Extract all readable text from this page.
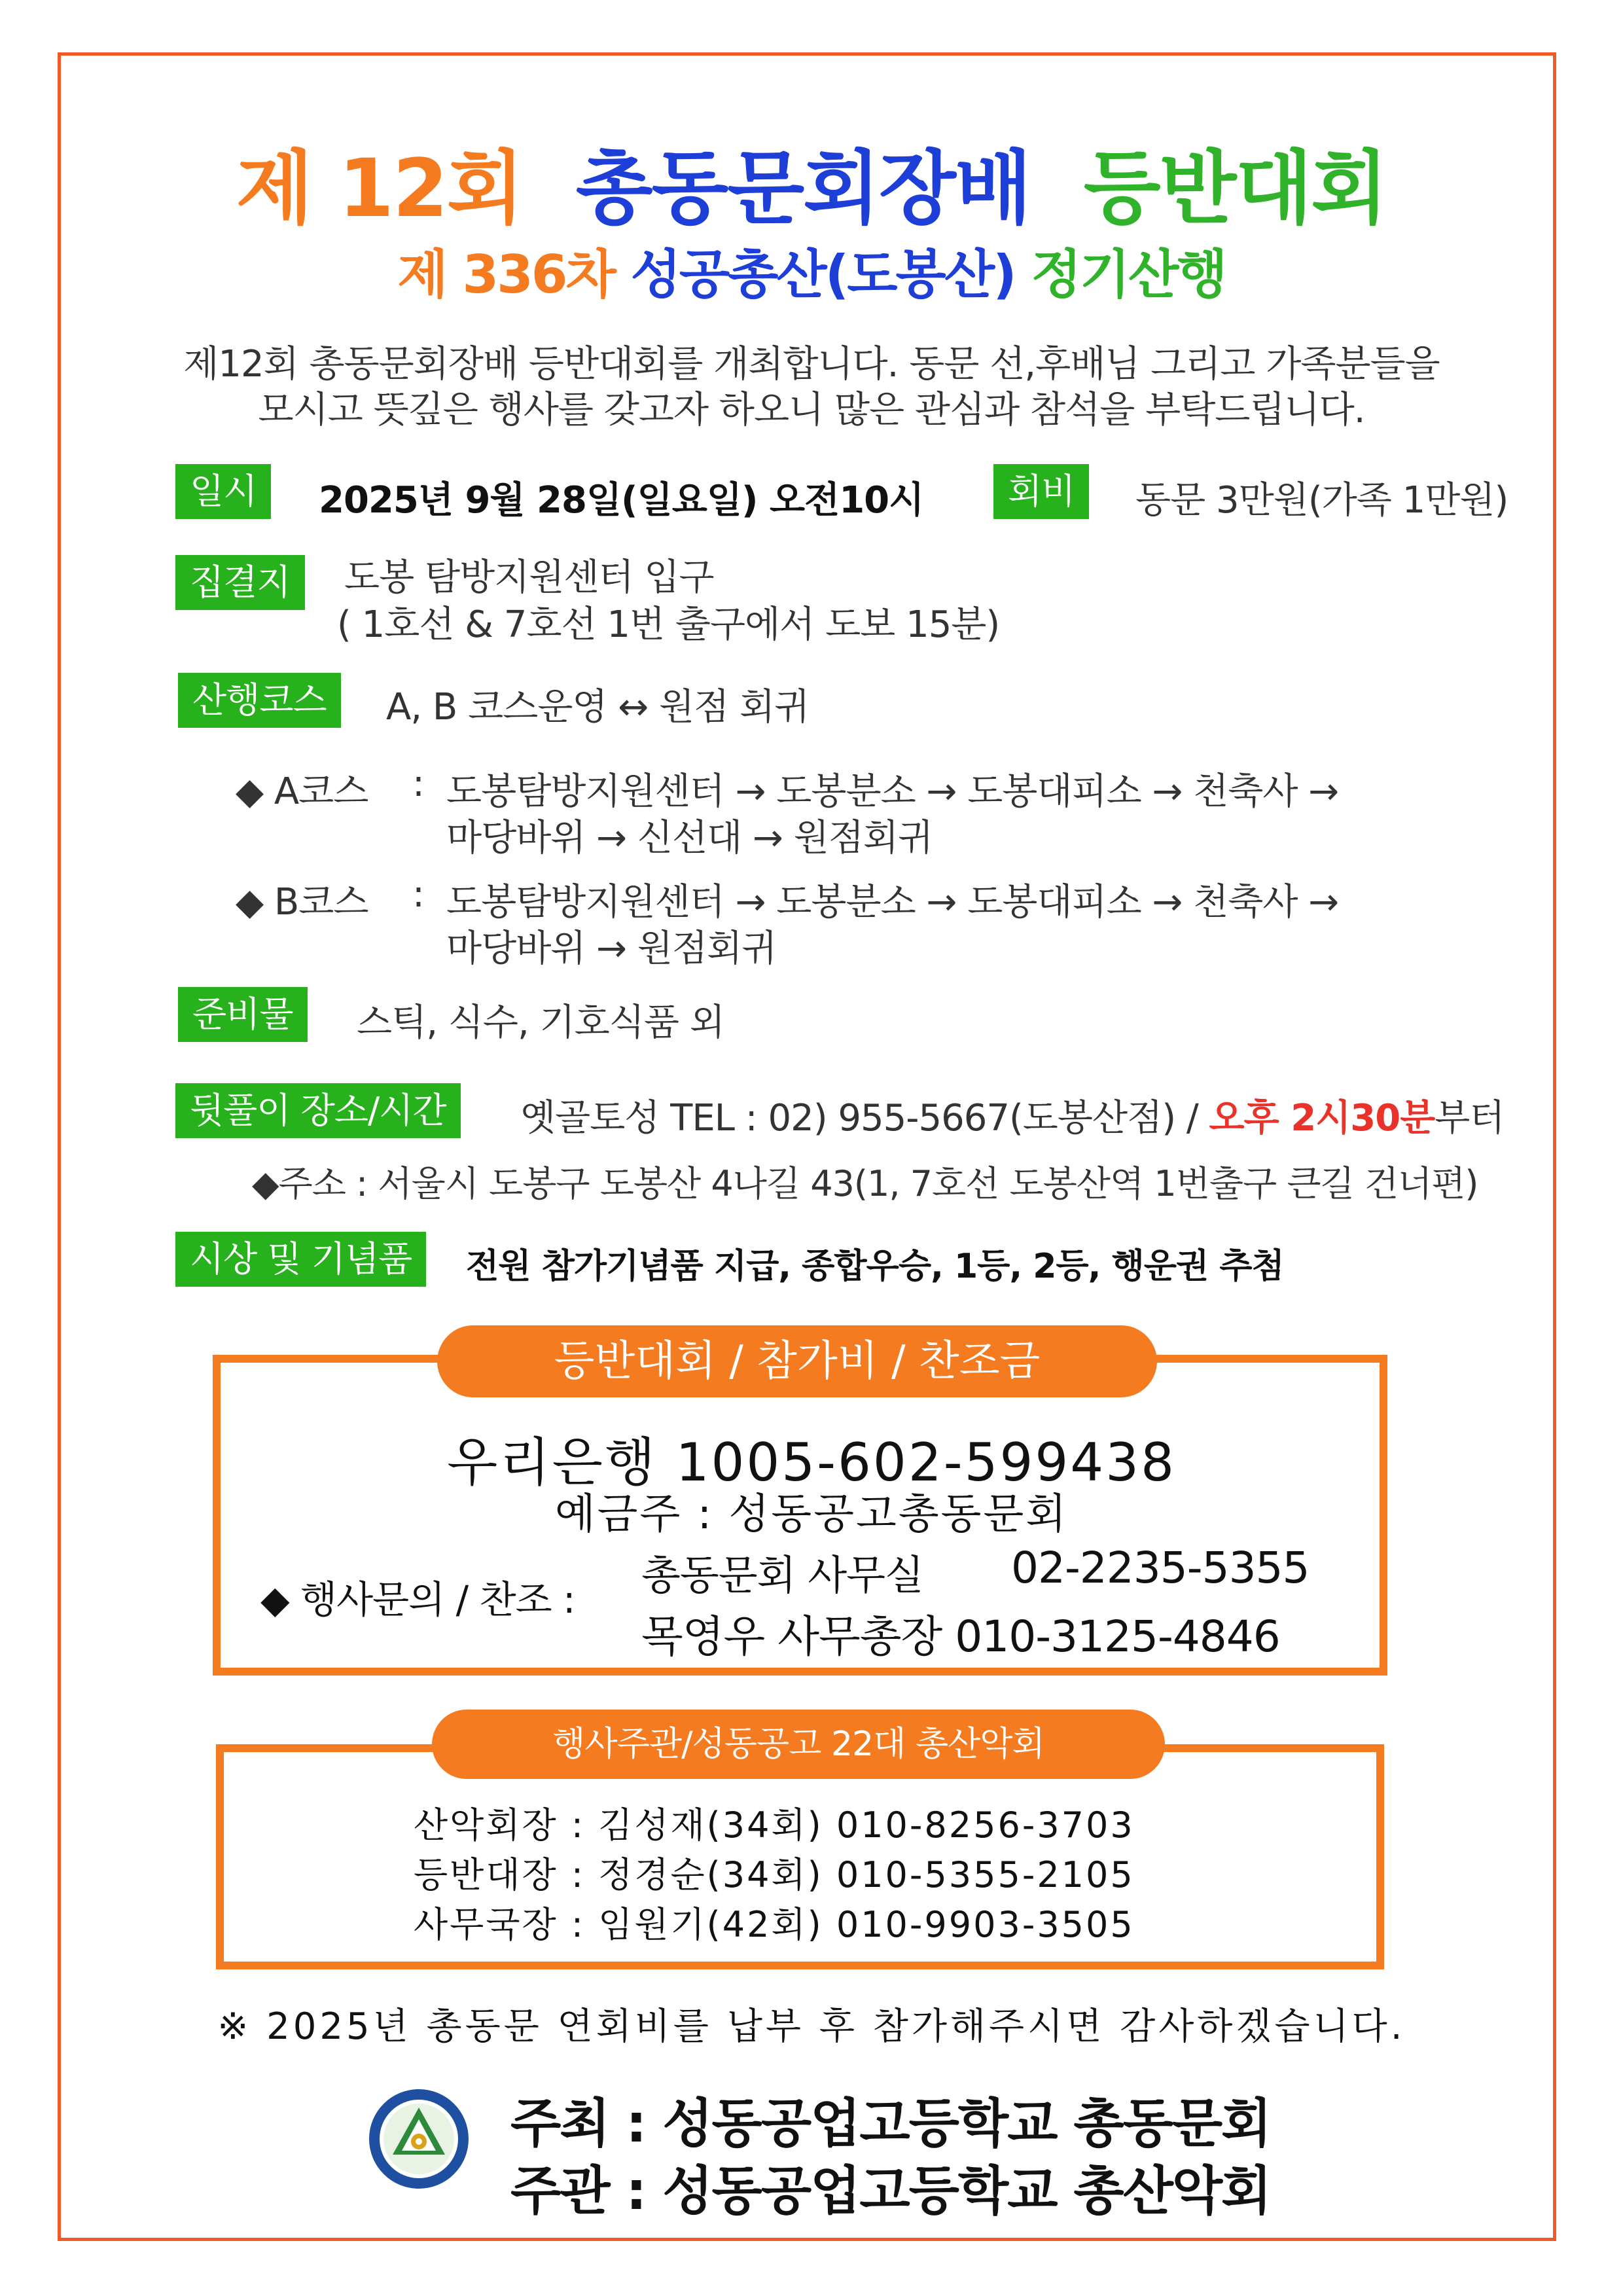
제 12회 총동문회장배 등반대회
제 336차 성공총산(도봉산) 정기산행
제12회 총동문회장배 등반대회를 개최합니다. 동문 선,후배님 그리고 가족분들을
모시고 뜻깊은 행사를 갖고자 하오니 많은 관심과 참석을 부탁드립니다.
일시	2025년 9월 28일(일요일) 오전10시	회비	동문 3만원(가족 1만원)
집결지	도봉 탐방지원센터 입구
( 1호선 & 7호선 1번 출구에서 도보 15분)
산행코스	A, B 코스운영 ↔ 원점 회귀
◆ A코스 : 도봉탐방지원센터 → 도봉분소 → 도봉대피소 → 천축사 →
마당바위 → 신선대 → 원점회귀
◆ B코스 : 도봉탐방지원센터 → 도봉분소 → 도봉대피소 → 천축사 →
마당바위 → 원점회귀
준비물	스틱, 식수, 기호식품 외
뒷풀이 장소/시간	옛골토성 TEL : 02) 955-5667(도봉산점) / 오후 2시30분부터
◆주소 : 서울시 도봉구 도봉산 4나길 43(1, 7호선 도봉산역 1번출구 큰길 건너편)
시상 및 기념품	전원 참가기념품 지급, 종합우승, 1등, 2등, 행운권 추첨
등반대회 / 참가비 / 찬조금
우리은행 1005-602-599438
예금주 : 성동공고총동문회
◆ 행사문의 / 찬조 :
총동문회 사무실 02-2235-5355
목영우 사무총장 010-3125-4846
행사주관/성동공고 22대 총산악회
산악회장 : 김성재(34회) 010-8256-3703
등반대장 : 정경순(34회) 010-5355-2105
사무국장 : 임원기(42회) 010-9903-3505
※ 2025년 총동문 연회비를 납부 후 참가해주시면 감사하겠습니다.
주최 : 성동공업고등학교 총동문회
주관 : 성동공업고등학교 총산악회
